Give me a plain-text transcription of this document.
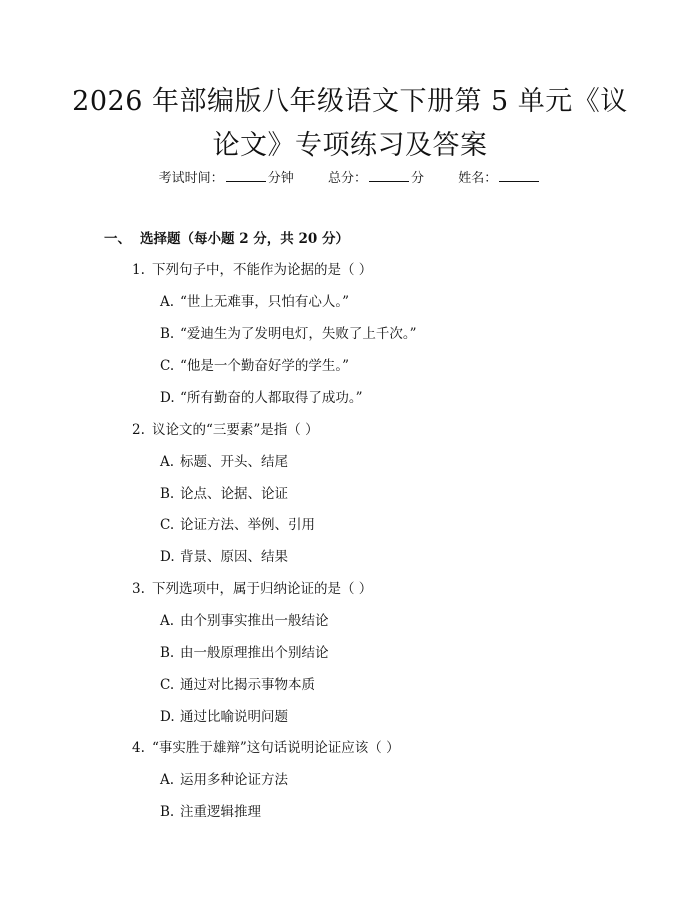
2026 年部编版八年级语文下册第 5 单元《议
论文》专项练习及答案
考试时间：	分钟	总分：	分	姓名：
一、 选择题（每小题 2 分，共 20 分）
1. 下列句子中，不能作为论据的是（ ）
A. “世上无难事，只怕有心人。”
B. “爱迪生为了发明电灯，失败了上千次。”
C. “他是一个勤奋好学的学生。”
D. “所有勤奋的人都取得了成功。”
2. 议论文的“三要素”是指（ ）
A. 标题、开头、结尾
B. 论点、论据、论证
C. 论证方法、举例、引用
D. 背景、原因、结果
3. 下列选项中，属于归纳论证的是（ ）
A. 由个别事实推出一般结论
B. 由一般原理推出个别结论
C. 通过对比揭示事物本质
D. 通过比喻说明问题
4. “事实胜于雄辩”这句话说明论证应该（ ）
A. 运用多种论证方法
B. 注重逻辑推理
